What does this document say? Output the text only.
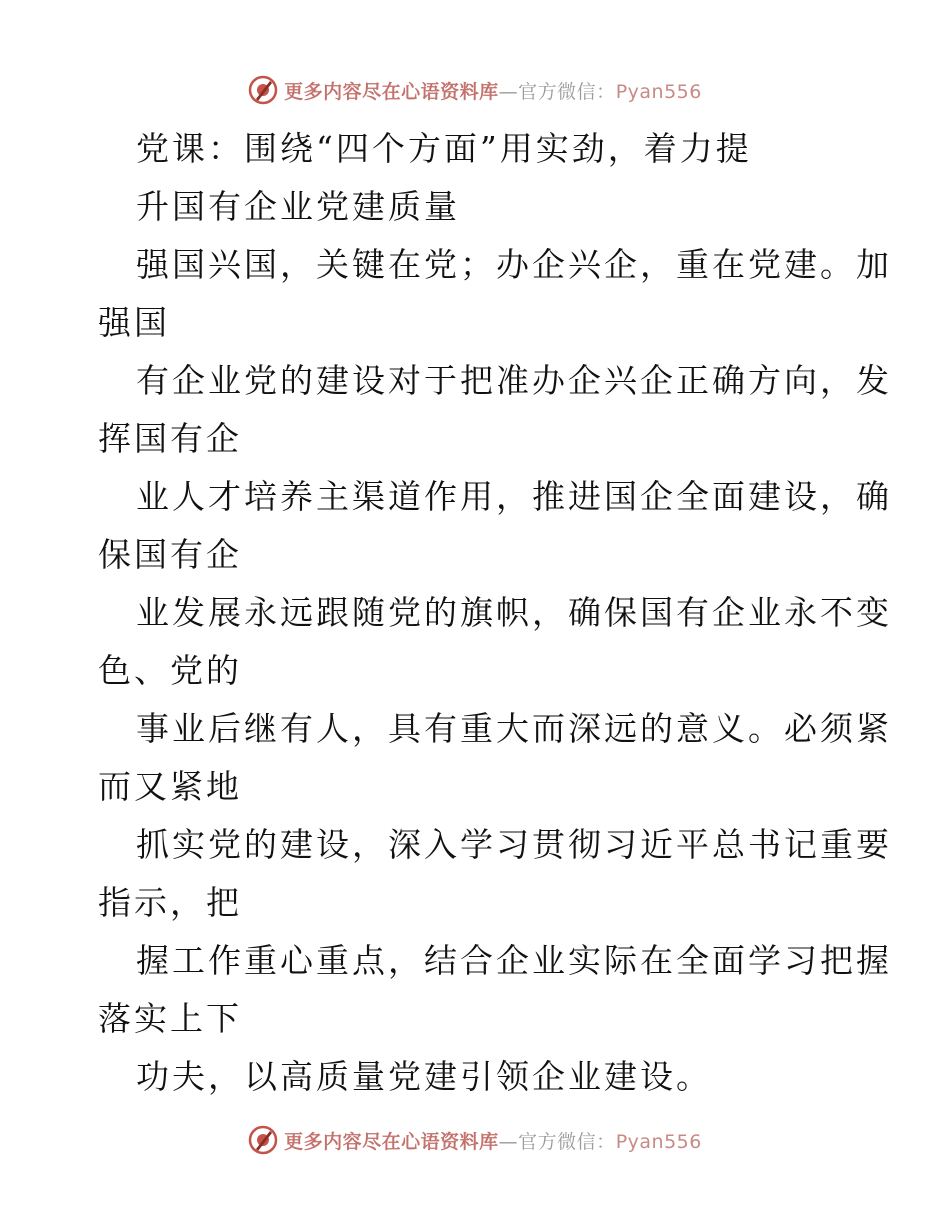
更多内容尽在心语资料库—官方微信：Pyan556
党课：围绕“四个方面”用实劲，着力提
升国有企业党建质量
强国兴国，关键在党；办企兴企，重在党建。加
强国
有企业党的建设对于把准办企兴企正确方向，发
挥国有企
业人才培养主渠道作用，推进国企全面建设，确
保国有企
业发展永远跟随党的旗帜，确保国有企业永不变
色、党的
事业后继有人，具有重大而深远的意义。必须紧
而又紧地
抓实党的建设，深入学习贯彻习近平总书记重要
指示，把
握工作重心重点，结合企业实际在全面学习把握
落实上下
功夫，以高质量党建引领企业建设。
更多内容尽在心语资料库—官方微信：Pyan556
